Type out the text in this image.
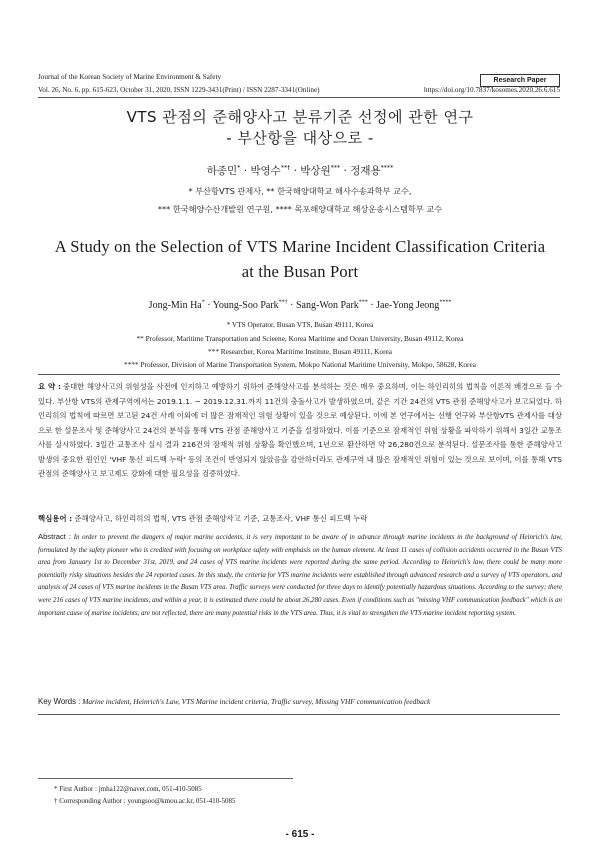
Journal of the Korean Society of Marine Environment & Safety	Research Paper
Vol. 26, No. 6, pp. 615-623, October 31, 2020, ISSN 1229-3431(Print) / ISSN 2287-3341(Online)	https://doi.org/10.7837/kosomes.2020.26.6.615
VTS 관점의 준해양사고 분류기준 선정에 관한 연구
- 부산항을 대상으로 -
하종민* · 박영수**† · 박상원*** · 정재용****
* 부산항VTS 관제사, ** 한국해양대학교 해사수송과학부 교수,
*** 한국해양수산개발원 연구원, **** 목포해양대학교 해상운송시스템학부 교수
A Study on the Selection of VTS Marine Incident Classification Criteria
at the Busan Port
Jong-Min Ha* · Young-Soo Park**† · Sang-Won Park*** · Jae-Yong Jeong****
* VTS Operator, Busan VTS, Busan 49111, Korea
** Professor, Maritime Transportation and Scieene, Korea Maritime and Ocean University, Busan 49112, Korea
*** Researcher, Korea Maritime Institute, Busan 49111, Korea
**** Professor, Division of Marine Transportation System, Mokpo National Maritime University, Mokpo, 58628, Korea
요 약 : 중대한 해양사고의 위험성을 사전에 인지하고 예방하기 위하여 준해양사고를 분석하는 것은 매우 중요하며, 이는 하인리히의 법칙을 이론적 배경으로 들 수 있다. 부산항 VTS의 관제구역에서는 2019.1.1. ~ 2019.12.31.까지 11건의 충돌사고가 발생하였으며, 같은 기간 24건의 VTS 관점 준해양사고가 보고되었다. 하인리히의 법칙에 따르면 보고된 24건 사례 이외에 더 많은 잠재적인 위험 상황이 있을 것으로 예상된다. 이에 본 연구에서는 선행 연구와 부산항VTS 관제사를 대상으로 한 설문조사 및 준해양사고 24건의 분석을 통해 VTS 관점 준해양사고 기준을 설정하였다. 이를 기준으로 잠재적인 위험 상황을 파악하기 위해서 3일간 교통조사를 실시하였다. 3일간 교통조사 실시 결과 216건의 잠재적 위험 상황을 확인했으며, 1년으로 환산하면 약 26,280건으로 분석된다. 설문조사를 통한 준해양사고 발생의 중요한 원인인 'VHF 통신 피드백 누락' 등의 조건이 반영되지 않았음을 감안하더라도 관제구역 내 많은 잠재적인 위험이 있는 것으로 보이며, 이를 통해 VTS 관점의 준해양사고 보고제도 강화에 대한 필요성을 검증하였다.
핵심용어 : 준해양사고, 하인리히의 법칙, VTS 관점 준해양사고 기준, 교통조사, VHF 통신 피드백 누락
Abstract : In order to prevent the dangers of major marine accidents, it is very important to be aware of in advance through marine incidents in the background of Heinrich's law, formulated by the safety pioneer who is credited with focusing on workplace safety with emphasis on the human element. At least 11 cases of collision accidents occurred in the Busan VTS area from January 1st to December 31st, 2019, and 24 cases of VTS marine incidents were reported during the same period. According to Heinrich's law, there could be many more potentially risky situations besides the 24 reported cases. In this study, the criteria for VTS marine incidents were established through advanced research and a survey of VTS operators, and analysis of 24 cases of VTS marine incidents in the Busan VTS area. Traffic surveys were conducted for three days to identify potentially hazardous situations. According to the survey; there were 216 cases of VTS marine incidents, and within a year, it is estimated there could be about 26,280 cases. Even if conditions such as "missing VHF communication feedback" which is an important cause of marine incidents, are not reflected, there are many potential risks in the VTS area. Thus, it is vital to strengthen the VTS marine incident reporting system.
Key Words : Marine incident, Heinrich's Law, VTS Marine incident criteria, Traffic survey, Missing VHF communication feedback
* First Author : jmha122@naver.com, 051-410-5085
† Corresponding Author : youngsoo@kmou.ac.kr, 051-410-5085
- 615 -
